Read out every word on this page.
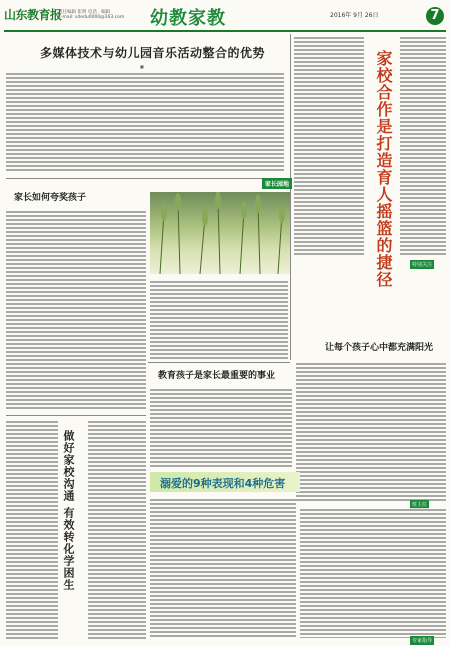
山东教育报
责任编辑 崔明 电话 . 编辑
E-mail: sdedu0000@163.com 幼教家教	2016年 9月 26日	7
多媒体技术与幼儿园音乐活动整合的优势
■	家校合作是打造育人摇篮的捷径	特别关注
家长如何夸奖孩子
家长园地
让每个孩子心中都充满阳光
班主任
教育孩子是家长最重要的事业
做好家校沟通 有效转化学困生	溺爱的9种表现和4种危害
专家指导
